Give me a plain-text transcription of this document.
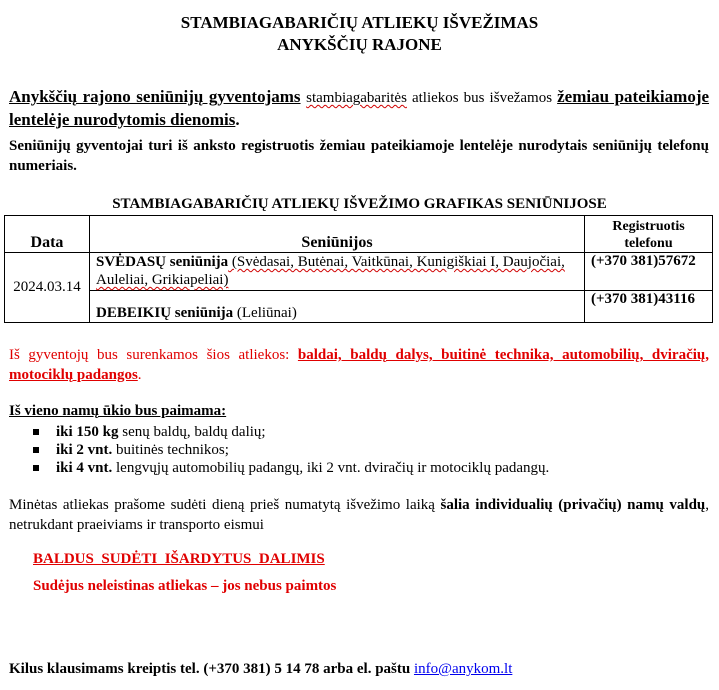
STAMBIAGABARIČIŲ ATLIEKŲ IŠVEŽIMAS
ANYKŠČIŲ RAJONE
Anykščių rajono seniūnijų gyventojams stambiagabaritės atliekos bus išvežamos žemiau pateikiamoje lentelėje nurodytomis dienomis.
Seniūnijų gyventojai turi iš anksto registruotis žemiau pateikiamoje lentelėje nurodytais seniūnijų telefonų numeriais.
STAMBIAGABARIČIŲ ATLIEKŲ IŠVEŽIMO GRAFIKAS SENIŪNIJOSE
Data	Seniūnijos	Registruotis
telefonu

2024.03.14	SVĖDASŲ seniūnija (Svėdasai, Butėnai, Vaitkūnai, Kunigiškiai I, Daujočiai, Auleliai, Grikiapeliai)	(+370 381)57672
	DEBEIKIŲ seniūnija (Leliūnai)	(+370 381)43116
Iš gyventojų bus surenkamos šios atliekos: baldai, baldų dalys, buitinė technika, automobilių, dviračių, motociklų padangos.
Iš vieno namų ūkio bus paimama:
iki 150 kg senų baldų, baldų dalių;
iki 2 vnt. buitinės technikos;
iki 4 vnt. lengvųjų automobilių padangų, iki 2 vnt. dviračių ir motociklų padangų.
Minėtas atliekas prašome sudėti dieną prieš numatytą išvežimo laiką šalia individualių (privačių) namų valdų, netrukdant praeiviams ir transporto eismui
BALDUS  SUDĖTI  IŠARDYTUS  DALIMIS
Sudėjus neleistinas atliekas – jos nebus paimtos
Kilus klausimams kreiptis tel. (+370 381) 5 14 78 arba el. paštu info@anykom.lt
